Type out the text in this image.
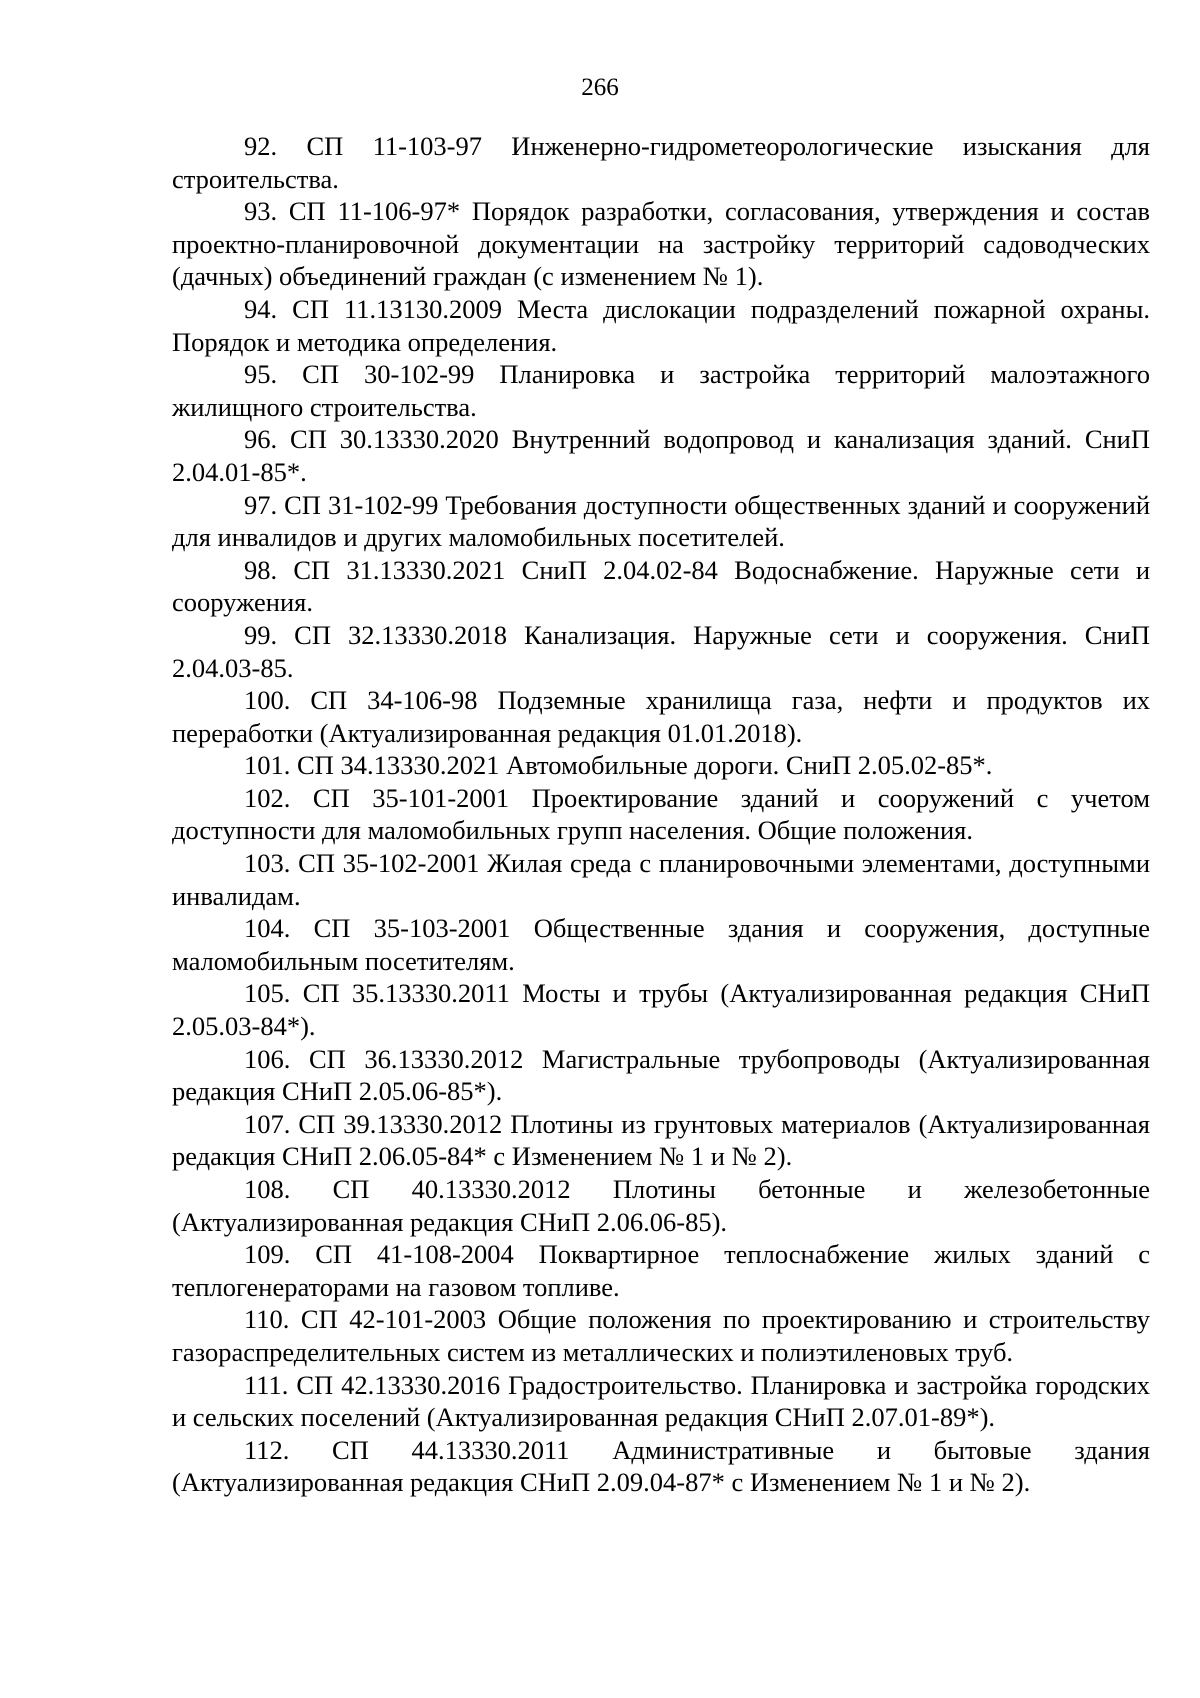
266

92. СП 11-103-97 Инженерно-гидрометеорологические изыскания для строительства.

93. СП 11-106-97* Порядок разработки, согласования, утверждения и состав проектно-планировочной документации на застройку территорий садоводческих (дачных) объединений граждан (с изменением № 1).

94. СП 11.13130.2009 Места дислокации подразделений пожарной охраны. Порядок и методика определения.

95. СП 30-102-99 Планировка и застройка территорий малоэтажного жилищного строительства.

96. СП 30.13330.2020 Внутренний водопровод и канализация зданий. СниП 2.04.01-85*.

97. СП 31-102-99 Требования доступности общественных зданий и сооружений для инвалидов и других маломобильных посетителей.

98. СП 31.13330.2021 СниП 2.04.02-84 Водоснабжение. Наружные сети и сооружения.

99. СП 32.13330.2018 Канализация. Наружные сети и сооружения. СниП 2.04.03-85.

100. СП 34-106-98 Подземные хранилища газа, нефти и продуктов их переработки (Актуализированная редакция 01.01.2018).

101. СП 34.13330.2021 Автомобильные дороги. СниП 2.05.02-85*.

102. СП 35-101-2001 Проектирование зданий и сооружений с учетом доступности для маломобильных групп населения. Общие положения.

103. СП 35-102-2001 Жилая среда с планировочными элементами, доступными инвалидам.

104. СП 35-103-2001 Общественные здания и сооружения, доступные маломобильным посетителям.

105. СП 35.13330.2011 Мосты и трубы (Актуализированная редакция СНиП 2.05.03-84*).

106. СП 36.13330.2012 Магистральные трубопроводы (Актуализированная редакция СНиП 2.05.06-85*).

107. СП 39.13330.2012 Плотины из грунтовых материалов (Актуализированная редакция СНиП 2.06.05-84* с Изменением № 1 и № 2).

108. СП 40.13330.2012 Плотины бетонные и железобетонные (Актуализированная редакция СНиП 2.06.06-85).

109. СП 41-108-2004 Поквартирное теплоснабжение жилых зданий с теплогенераторами на газовом топливе.

110. СП 42-101-2003 Общие положения по проектированию и строительству газораспределительных систем из металлических и полиэтиленовых труб.

111. СП 42.13330.2016 Градостроительство. Планировка и застройка городских и сельских поселений (Актуализированная редакция СНиП 2.07.01-89*).

112. СП 44.13330.2011 Административные и бытовые здания (Актуализированная редакция СНиП 2.09.04-87* с Изменением № 1 и № 2).
